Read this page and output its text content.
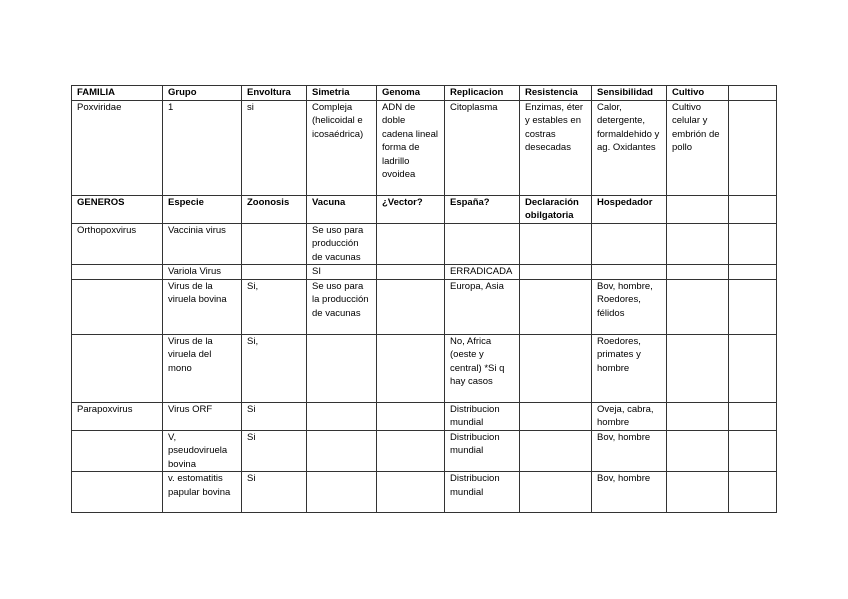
FAMILIA	Grupo	Envoltura	Simetria	Genoma	Replicacion	Resistencia	Sensibilidad	Cultivo	
Poxviridae	1	si	Compleja (helicoidal e icosaédrica)	ADN de doble cadena lineal forma de ladrillo ovoidea	Citoplasma	Enzimas, éter y estables en costras desecadas	Calor, detergente, formaldehido y ag. Oxidantes	Cultivo celular y embrión de pollo	
GENEROS	Especie	Zoonosis	Vacuna	¿Vector?	España?	Declaración obilgatoria	Hospedador		
Orthopoxvirus	Vaccinia virus		Se uso para producción de vacunas						
	Variola Virus		SI		ERRADICADA				
	Virus de la viruela bovina	Si,	Se uso para la producción de vacunas		Europa, Asia		Bov, hombre, Roedores, félidos		
	Virus de la viruela del mono	Si,			No, Africa (oeste y central) *Si q hay casos		Roedores, primates y hombre		
Parapoxvirus	Virus ORF	Si			Distribucion mundial		Oveja, cabra, hombre		
	V, pseudoviruela bovina	Si			Distribucion mundial		Bov, hombre		
	v. estomatitis papular bovina	Si			Distribucion mundial		Bov, hombre		
